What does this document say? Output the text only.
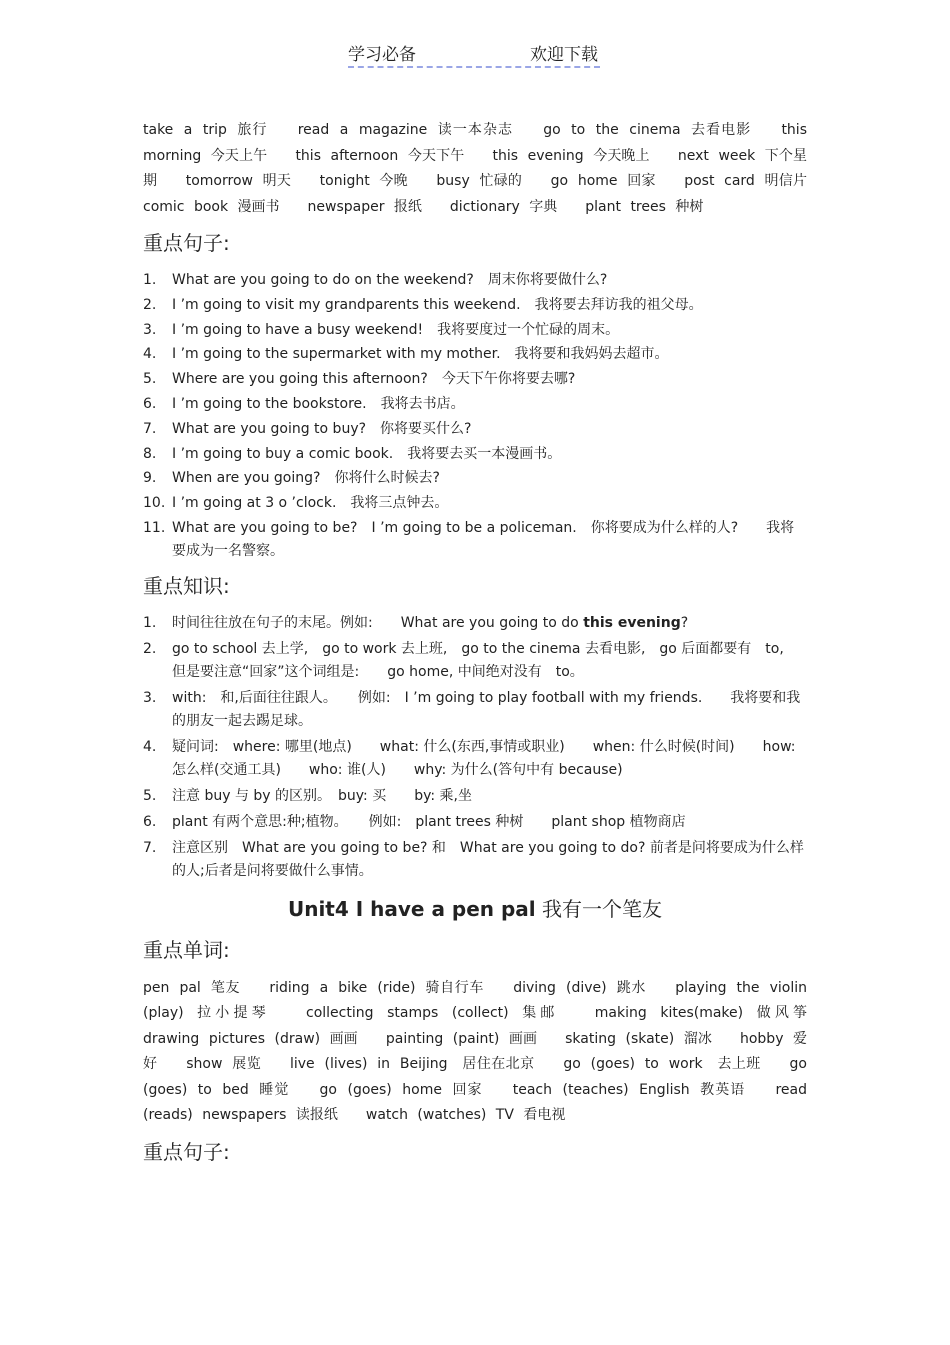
学习必备	欢迎下载

take a trip 旅行　　read a magazine 读一本杂志　　go to the cinema 去看电影　　this morning 今天上午　　this afternoon 今天下午　　this evening 今天晚上　　next week 下个星期　　tomorrow 明天　　tonight 今晚　　busy 忙碌的　　go home 回家　　post card 明信片　　comic book 漫画书　　newspaper 报纸　　dictionary 字典　　plant trees 种树

重点句子:
1. What are you going to do on the weekend?　周末你将要做什么?
2. I ’m going to visit my grandparents this weekend.　我将要去拜访我的祖父母。
3. I ’m going to have a busy weekend!　我将要度过一个忙碌的周末。
4. I ’m going to the supermarket with my mother.　我将要和我妈妈去超市。
5. Where are you going this afternoon?　今天下午你将要去哪?
6. I ’m going to the bookstore.　我将去书店。
7. What are you going to buy?　你将要买什么?
8. I ’m going to buy a comic book.　我将要去买一本漫画书。
9. When are you going?　你将什么时候去?
10. I ’m going at 3 o ’clock.　我将三点钟去。
11. What are you going to be?　I ’m going to be a policeman.　你将要成为什么样的人?　　我将要成为一名警察。
重点知识:
1. 时间往往放在句子的末尾。例如:　　What are you going to do this evening?
2. go to school 去上学,　go to work 去上班,　go to the cinema 去看电影,　go 后面都要有　to,　但是要注意“回家”这个词组是:　　go home, 中间绝对没有　to。
3. with:　和,后面往往跟人。　　例如:　I ’m going to play football with my friends.　　我将要和我的朋友一起去踢足球。
4. 疑问词:　where: 哪里(地点)　　what: 什么(东西,事情或职业)　　when: 什么时候(时间)　　how: 怎么样(交通工具)　　who: 谁(人)　　why: 为什么(答句中有 because)
5. 注意 buy 与 by 的区别。　buy: 买　　by: 乘,坐
6. plant 有两个意思:种;植物。　　例如:　plant trees 种树　　plant shop 植物商店
7. 注意区别　What are you going to be? 和　What are you going to do? 前者是问将要成为什么样的人;后者是问将要做什么事情。
Unit4 I have a pen pal 我有一个笔友
重点单词:

pen pal 笔友　　riding a bike (ride) 骑自行车　　diving (dive) 跳水　　playing the violin (play) 拉小提琴　　collecting stamps (collect) 集邮　　making kites(make) 做风筝　　drawing pictures (draw) 画画　　painting (paint) 画画　　skating (skate) 溜冰　　hobby 爱好　　show 展览　　live (lives) in Beijing　居住在北京　　go (goes) to work　去上班　　go (goes) to bed 睡觉　　go (goes) home 回家　　teach (teaches) English 教英语　　read (reads) newspapers 读报纸　　watch (watches) TV 看电视

重点句子:
